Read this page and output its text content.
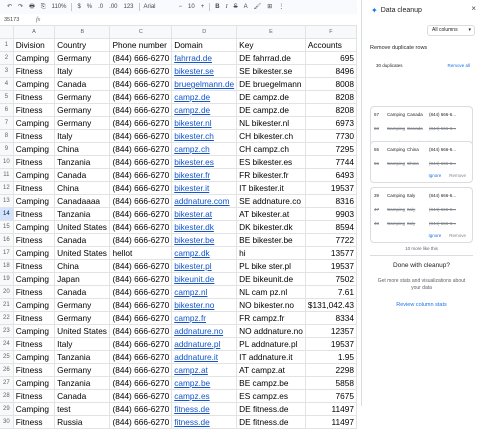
↶	↷	🖶	⎘	110%	$	%	.0	.00	123	Arial	−	10	+	B	I	S	A	🖌	⊞	⋮
35173	fx
	A	B	C	D	E	F
1	Division	Country	Phone number	Domain	Key	Accounts
2	Camping	Germany	(844) 666-6270	fahrrad.de	DE fahrrad.de	695
3	Fitness	Italy	(844) 666-6270	bikester.se	SE bikester.se	8496
4	Camping	Canada	(844) 666-6270	bruegelmann.de	DE bruegelmann	8008
5	Fitness	Germany	(844) 666-6270	campz.de	DE campz.de	8208
6	Fitness	Germany	(844) 666-6270	campz.de	DE campz.de	8208
7	Camping	Germany	(844) 666-6270	bikester.nl	NL bikester.nl	6973
8	Fitness	Italy	(844) 666-6270	bikester.ch	CH bikester.ch	7730
9	Camping	China	(844) 666-6270	campz.ch	CH campz.ch	7295
10	Fitness	Tanzania	(844) 666-6270	bikester.es	ES bikester.es	7744
11	Camping	Canada	(844) 666-6270	bikester.fr	FR bikester.fr	6493
12	Fitness	China	(844) 666-6270	bikester.it	IT bikester.it	19537
13	Camping	Canadaaaa	(844) 666-6270	addnature.com	SE addnature.co	8316
14	Fitness	Tanzania	(844) 666-6270	bikester.at	AT bikester.at	9903
15	Camping	United States	(844) 666-6270	bikester.dk	DK bikester.dk	8594
16	Fitness	Canada	(844) 666-6270	bikester.be	BE bikester.be	7722
17	Camping	United States	hellot	campz.dk	hi	13577
18	Fitness	China	(844) 666-6270	bikester.pl	PL bike ster.pl	19537
19	Camping	Japan	(844) 666-6270	bikeunit.de	DE bikeunit.de	7502
20	Fitness	Canada	(844) 666-6270	campz.nl	NL cam pz.nl	7.61
21	Camping	Germany	(844) 666-6270	bikester.no	NO bikester.no	$131,042.43
22	Fitness	Germany	(844) 666-6270	campz.fr	FR campz.fr	8334
23	Camping	United States	(844) 666-6270	addnature.no	NO addnature.no	12357
24	Fitness	Italy	(844) 666-6270	addnature.pl	PL addnature.pl	19537
25	Camping	Tanzania	(844) 666-6270	addnature.it	IT addnature.it	1.95
26	Fitness	Germany	(844) 666-6270	campz.at	AT campz.at	2298
27	Camping	Tanzania	(844) 666-6270	campz.be	BE campz.be	5858
28	Fitness	Canada	(844) 666-6270	campz.es	ES campz.es	7675
29	Camping	test	(844) 666-6270	fitness.de	DE fitness.de	11497
30	Fitness	Russia	(844) 666-6270	fitness.de	DE fitness.de	11497
✦ Data cleanup	×
All columns ▾
Remove duplicate rows
30 duplicates	Remove all
57	Camping Canada	(844) 666-6...
58	Camping Canada	(844) 666-6...
55	Camping China	(844) 666-6...
56	Camping China	(844) 666-6...
Ignore Remove
39	Camping Italy	(844) 666-6...
47	Camping Italy	(844) 666-6...
48	Camping Italy	(844) 666-6...
Ignore Remove
10 more like this
Done with cleanup?
Get more stats and visualizations about your data
Review column stats
